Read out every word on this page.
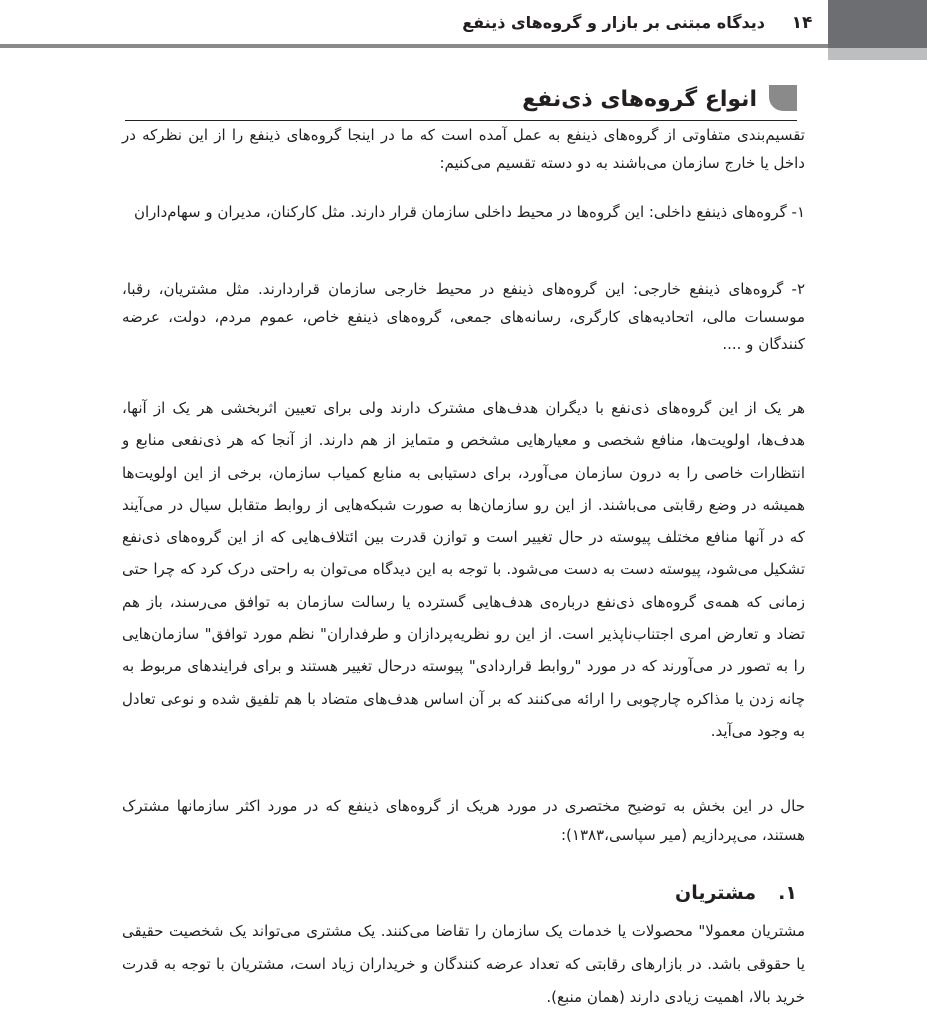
۱۴
دیدگاه مبتنی بر بازار و گروه‌های ذینفع
انواع گروه‌های ذی‌نفع

تقسیم‌بندی متفاوتی از گروه‌های ذینفع به عمل آمده است که ما در اینجا گروه‌های ذینفع را از این نظرکه در داخل یا خارج سازمان می‌باشند به دو دسته تقسیم می‌کنیم:

۱- گروه‌های ذینفع داخلی: این گروه‌ها در محیط داخلی سازمان قرار دارند. مثل کارکنان، مدیران و سهام‌داران

۲- گروه‌های ذینفع خارجی: این گروه‌های ذینفع در محیط خارجی سازمان قراردارند. مثل مشتریان، رقبا، موسسات مالی، اتحادیه‌های کارگری، رسانه‌های جمعی، گروه‌های ذینفع خاص، عموم مردم، دولت، عرضه کنندگان و ....

هر یک از این گروه‌های ذی‌نفع با دیگران هدف‌های مشترک دارند ولی برای تعیین اثربخشی هر یک از آنها، هدف‌ها، اولویت‌ها، منافع شخصی و معیارهایی مشخص و متمایز از هم دارند. از آنجا که هر ذی‌نفعی منابع و انتظارات خاصی را به درون سازمان می‌آورد، برای دستیابی به منابع کمیاب سازمان، برخی از این اولویت‌ها همیشه در وضع رقابتی می‌باشند. از این رو سازمان‌ها به صورت شبکه‌هایی از روابط متقابل سیال در می‌آیند که در آنها منافع مختلف پیوسته در حال تغییر است و توازن قدرت بین ائتلاف‌هایی که از این گروه‌های ذی‌نفع تشکیل می‌شود، پیوسته دست به دست می‌شود. با توجه به این دیدگاه می‌توان به راحتی درک کرد که چرا حتی زمانی که همه‌ی گروه‌های ذی‌نفع درباره‌ی هدف‌هایی گسترده یا رسالت سازمان به توافق می‌رسند، باز هم تضاد و تعارض امری اجتناب‌ناپذیر است. از این رو نظریه‌پردازان و طرفداران" نظم مورد توافق" سازمان‌هایی را به تصور در می‌آورند که در مورد "روابط قراردادی" پیوسته درحال تغییر هستند و برای فرایندهای مربوط به چانه زدن یا مذاکره چارچوبی را ارائه می‌کنند که بر آن اساس هدف‌های متضاد با هم تلفیق شده و نوعی تعادل به وجود می‌آید.

حال در این بخش به توضیح مختصری در مورد هریک از گروه‌های ذینفع که در مورد اکثر سازمانها مشترک هستند، می‌پردازیم (میر سپاسی،۱۳۸۳):

۱.مشتریان

مشتریان معمولا" محصولات یا خدمات یک سازمان را تقاضا می‌کنند. یک مشتری می‌تواند یک شخصیت حقیقی یا حقوقی باشد. در بازارهای رقابتی که تعداد عرضه کنندگان و خریداران زیاد است، مشتریان با توجه به قدرت خرید بالا، اهمیت زیادی دارند (همان منبع).
